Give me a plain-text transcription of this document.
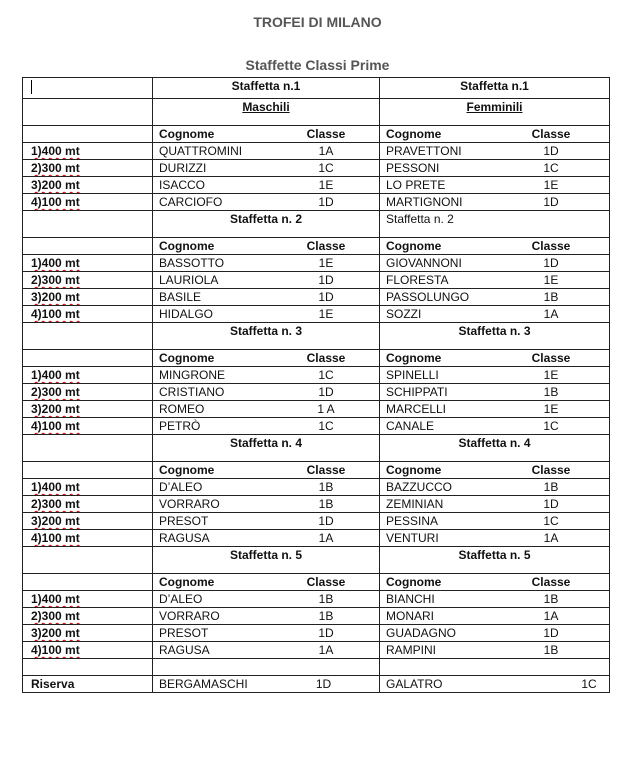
TROFEI DI MILANO
Staffette Classi Prime
	Staffetta n.1	Staffetta n.1
	Maschili	Femminili

	Cognome Classe	Cognome Classe

1)400 mt	QUATTROMINI 1A	PRAVETTONI 1D

2)300 mt	DURIZZI 1C	PESSONI 1C

3)200 mt	ISACCO 1E	LO PRETE 1E

4)100 mt	CARCIOFO 1D	MARTIGNONI 1D

	Staffetta n. 2	Staffetta n. 2

	Cognome Classe	Cognome Classe

1)400 mt	BASSOTTO 1E	GIOVANNONI 1D

2)300 mt	LAURIOLA 1D	FLORESTA 1E

3)200 mt	BASILE 1D	PASSOLUNGO 1B

4)100 mt	HIDALGO 1E	SOZZI 1A

	Staffetta n. 3	Staffetta n. 3

	Cognome Classe	Cognome Classe

1)400 mt	MINGRONE 1C	SPINELLI 1E

2)300 mt	CRISTIANO 1D	SCHIPPATI 1B

3)200 mt	ROMEO 1 A	MARCELLI 1E

4)100 mt	PETRÒ 1C	CANALE 1C

	Staffetta n. 4	Staffetta n. 4

	Cognome Classe	Cognome Classe

1)400 mt	D’ALEO 1B	BAZZUCCO 1B

2)300 mt	VORRARO 1B	ZEMINIAN 1D

3)200 mt	PRESOT 1D	PESSINA 1C

4)100 mt	RAGUSA 1A	VENTURI 1A

	Staffetta n. 5	Staffetta n. 5

	Cognome Classe	Cognome Classe

1)400 mt	D’ALEO 1B	BIANCHI 1B

2)300 mt	VORRARO 1B	MONARI 1A

3)200 mt	PRESOT 1D	GUADAGNO 1D

4)100 mt	RAGUSA 1A	RAMPINI 1B

Riserva	BERGAMASCHI 1D	GALATRO 1C
